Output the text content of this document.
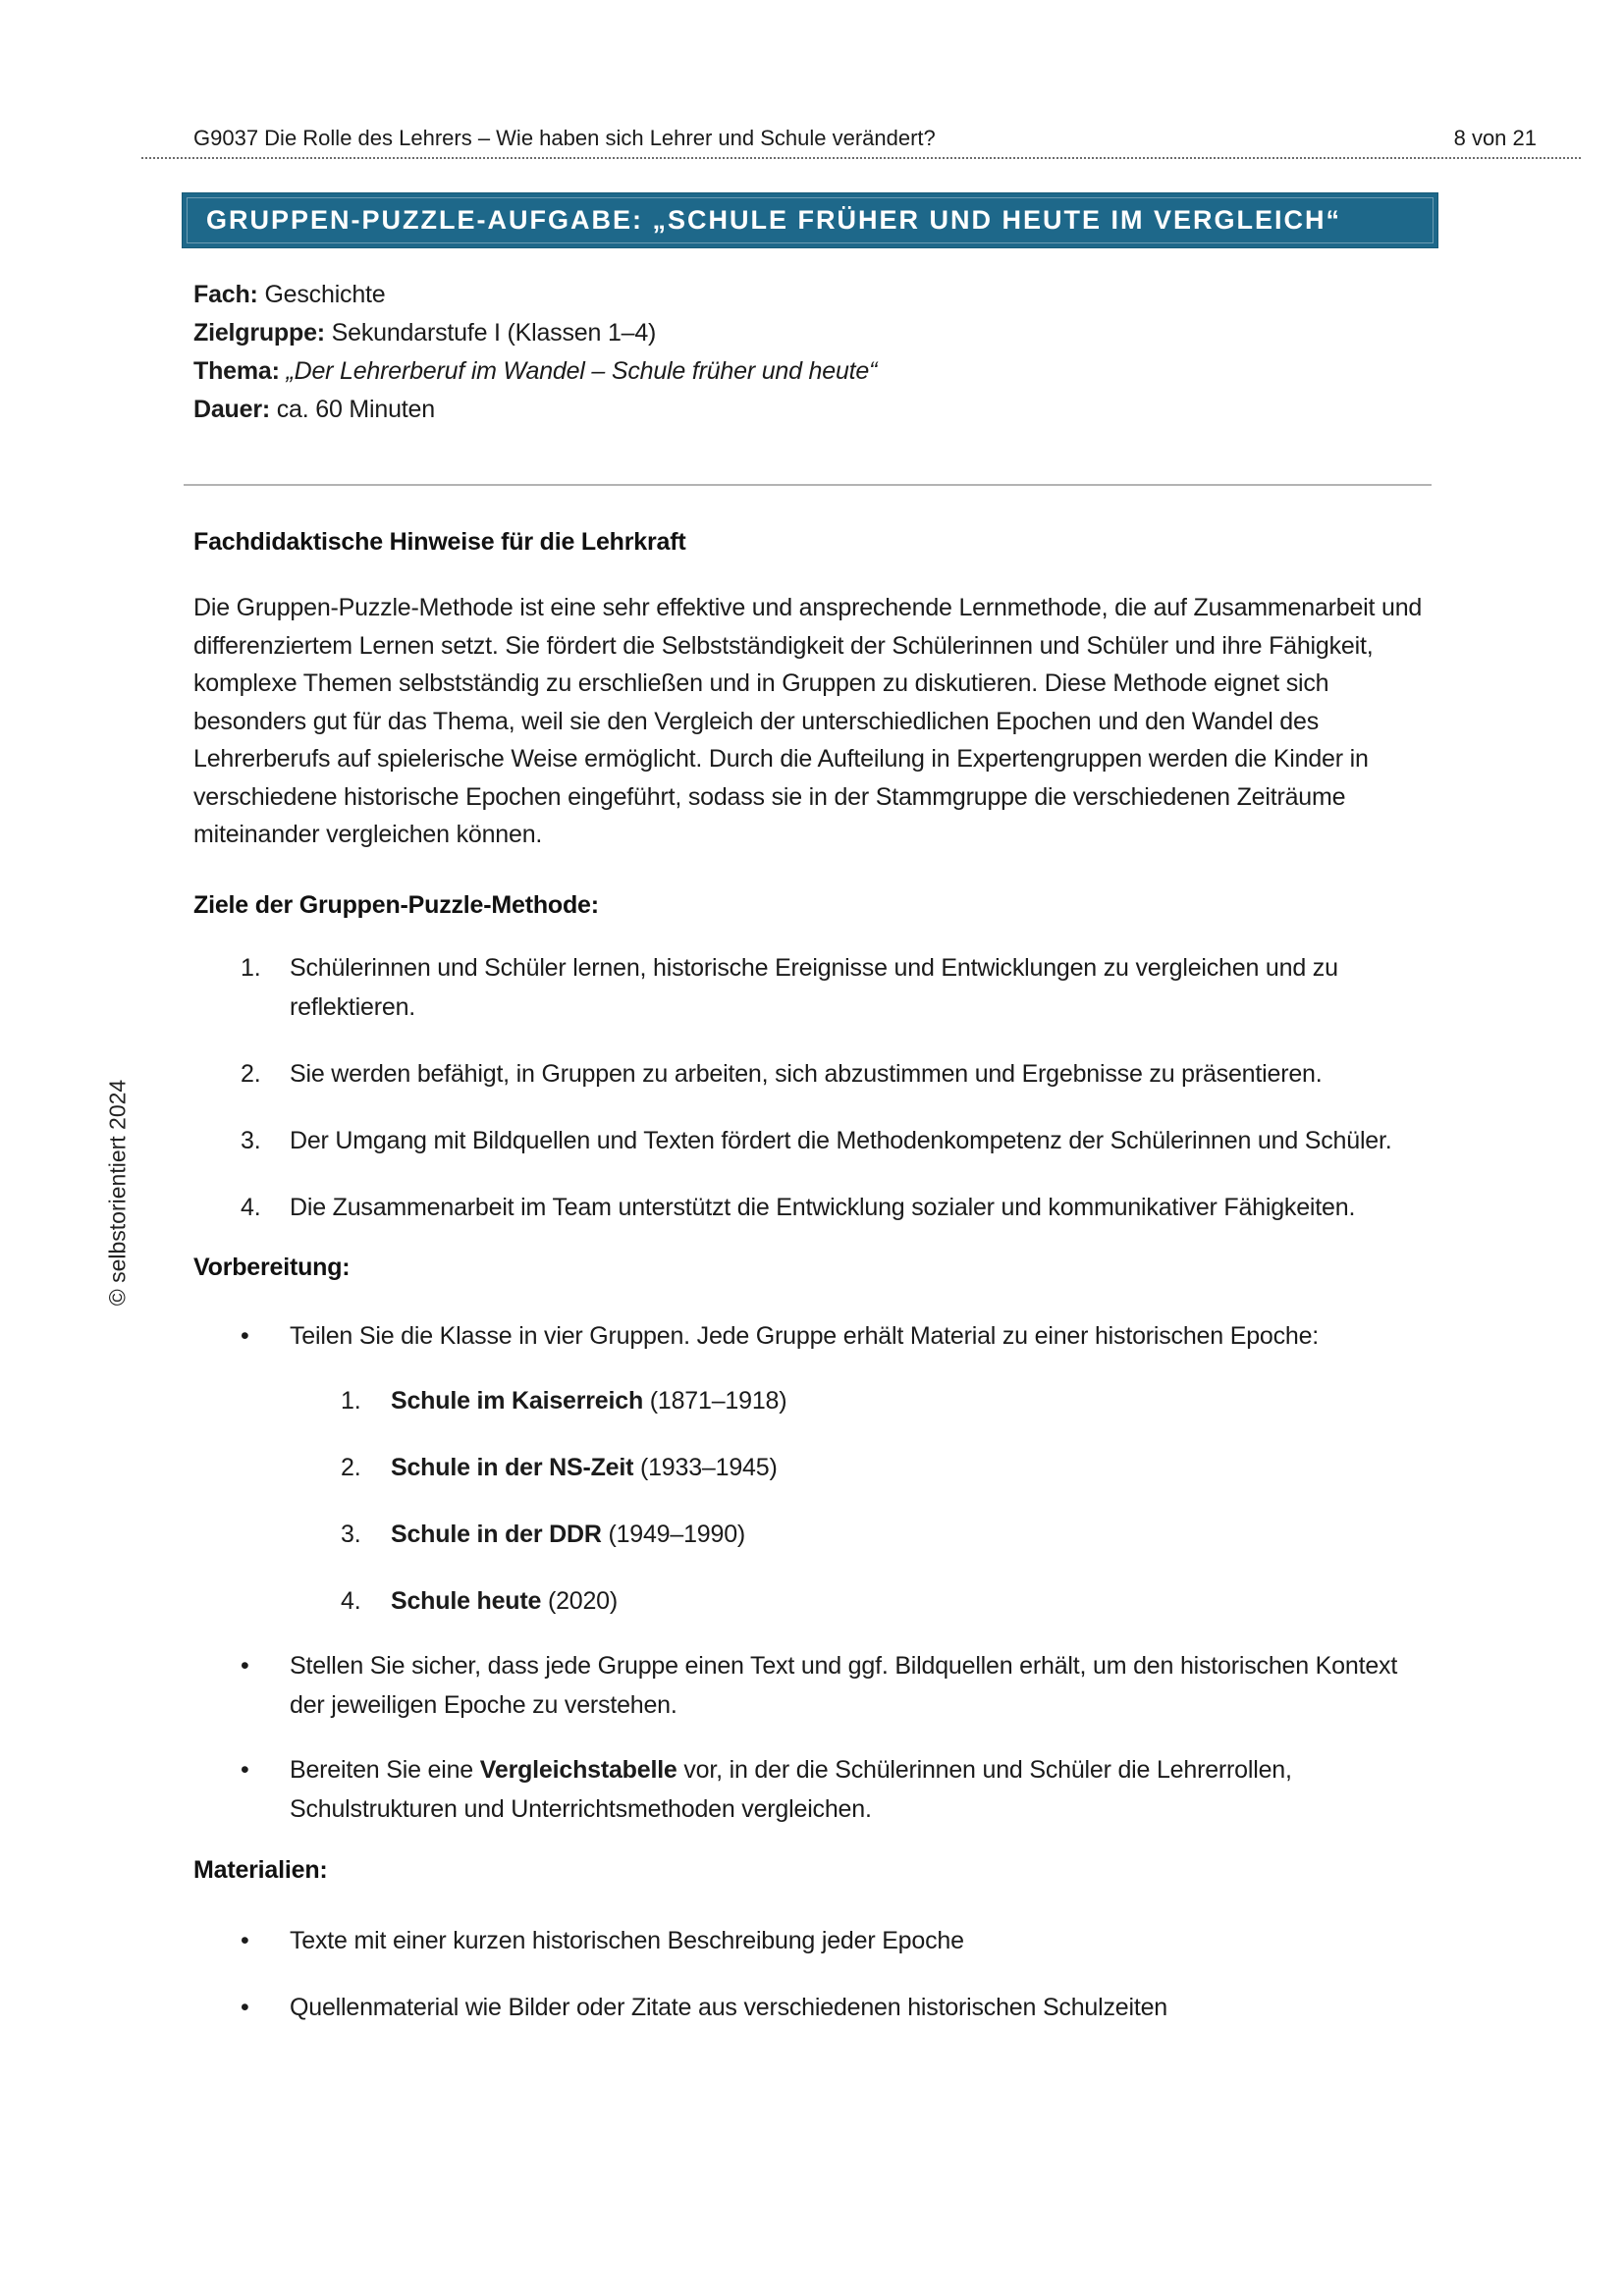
G9037 Die Rolle des Lehrers – Wie haben sich Lehrer und Schule verändert?	8 von 21
© selbstorientiert 2024
GRUPPEN-PUZZLE-AUFGABE: „SCHULE FRÜHER UND HEUTE IM VERGLEICH“
Fach: Geschichte
Zielgruppe: Sekundarstufe I (Klassen 1–4)
Thema: „Der Lehrerberuf im Wandel – Schule früher und heute“
Dauer: ca. 60 Minuten
Fachdidaktische Hinweise für die Lehrkraft

Die Gruppen-Puzzle-Methode ist eine sehr effektive und ansprechende Lernmethode, die auf Zusammenarbeit und differenziertem Lernen setzt. Sie fördert die Selbstständigkeit der Schülerinnen und Schüler und ihre Fähigkeit, komplexe Themen selbstständig zu erschließen und in Gruppen zu diskutieren. Diese Methode eignet sich besonders gut für das Thema, weil sie den Vergleich der unterschiedlichen Epochen und den Wandel des Lehrerberufs auf spielerische Weise ermöglicht. Durch die Aufteilung in Expertengruppen werden die Kinder in verschiedene historische Epochen eingeführt, sodass sie in der Stammgruppe die verschiedenen Zeiträume miteinander vergleichen können.

Ziele der Gruppen-Puzzle-Methode:
1.	Schülerinnen und Schüler lernen, historische Ereignisse und Entwicklungen zu vergleichen und zu reflektieren.
2.	Sie werden befähigt, in Gruppen zu arbeiten, sich abzustimmen und Ergebnisse zu präsentieren.
3.	Der Umgang mit Bildquellen und Texten fördert die Methodenkompetenz der Schülerinnen und Schüler.
4.	Die Zusammenarbeit im Team unterstützt die Entwicklung sozialer und kommunikativer Fähigkeiten.
Vorbereitung:
•	Teilen Sie die Klasse in vier Gruppen. Jede Gruppe erhält Material zu einer historischen Epoche:
1.	Schule im Kaiserreich (1871–1918)
2.	Schule in der NS-Zeit (1933–1945)
3.	Schule in der DDR (1949–1990)
4.	Schule heute (2020)
•	Stellen Sie sicher, dass jede Gruppe einen Text und ggf. Bildquellen erhält, um den historischen Kontext der jeweiligen Epoche zu verstehen.
•	Bereiten Sie eine Vergleichstabelle vor, in der die Schülerinnen und Schüler die Lehrerrollen, Schulstrukturen und Unterrichtsmethoden vergleichen.
Materialien:
•	Texte mit einer kurzen historischen Beschreibung jeder Epoche
•	Quellenmaterial wie Bilder oder Zitate aus verschiedenen historischen Schulzeiten
